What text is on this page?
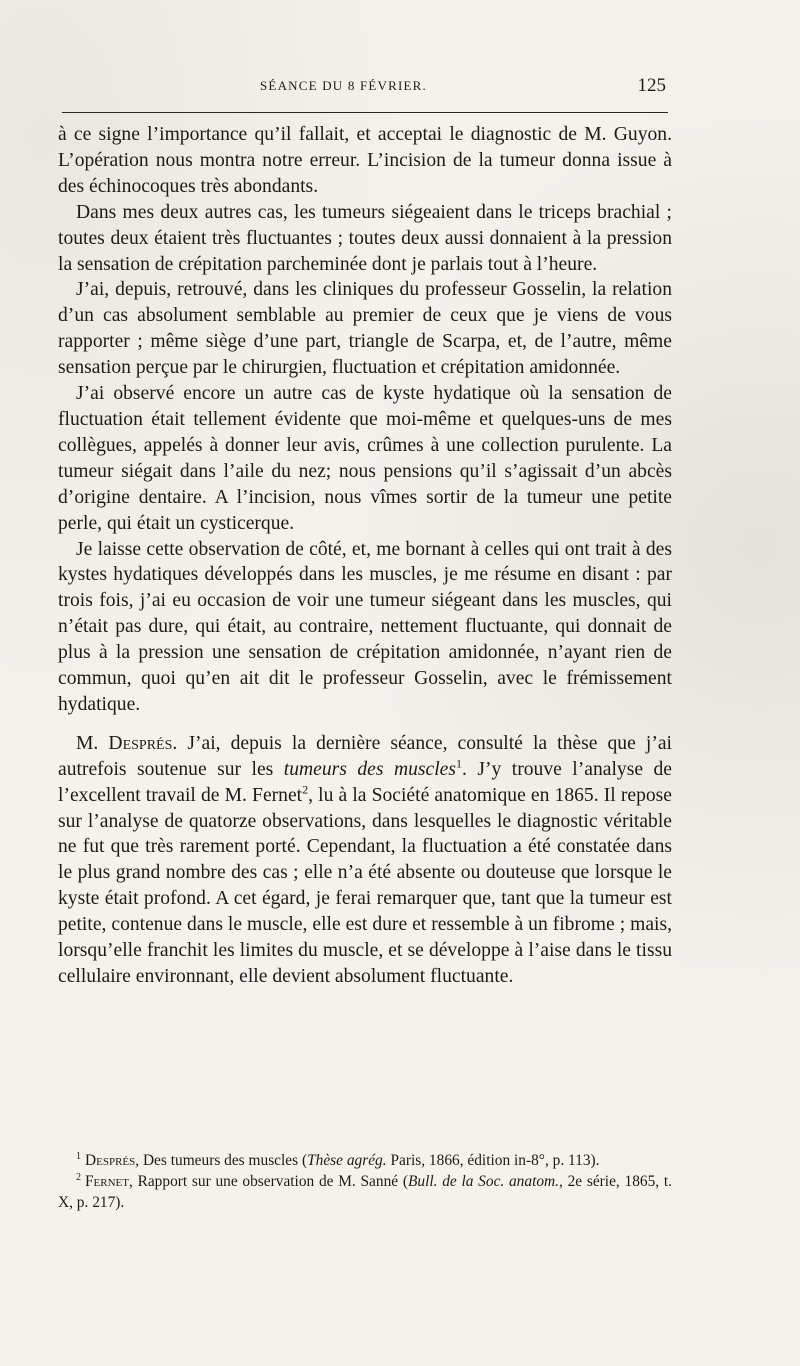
SÉANCE DU 8 FÉVRIER.	125

à ce signe l’importance qu’il fallait, et acceptai le diagnostic de M. Guyon. L’opération nous montra notre erreur. L’incision de la tumeur donna issue à des échinocoques très abondants.

Dans mes deux autres cas, les tumeurs siégeaient dans le triceps brachial ; toutes deux étaient très fluctuantes ; toutes deux aussi donnaient à la pression la sensation de crépitation parcheminée dont je parlais tout à l’heure.

J’ai, depuis, retrouvé, dans les cliniques du professeur Gosselin, la relation d’un cas absolument semblable au premier de ceux que je viens de vous rapporter ; même siège d’une part, triangle de Scarpa, et, de l’autre, même sensation perçue par le chirurgien, fluctuation et crépitation amidonnée.

J’ai observé encore un autre cas de kyste hydatique où la sensation de fluctuation était tellement évidente que moi-même et quelques-uns de mes collègues, appelés à donner leur avis, crûmes à une collection purulente. La tumeur siégait dans l’aile du nez; nous pensions qu’il s’agissait d’un abcès d’origine dentaire. A l’incision, nous vîmes sortir de la tumeur une petite perle, qui était un cysticerque.

Je laisse cette observation de côté, et, me bornant à celles qui ont trait à des kystes hydatiques développés dans les muscles, je me résume en disant : par trois fois, j’ai eu occasion de voir une tumeur siégeant dans les muscles, qui n’était pas dure, qui était, au contraire, nettement fluctuante, qui donnait de plus à la pression une sensation de crépitation amidonnée, n’ayant rien de commun, quoi qu’en ait dit le professeur Gosselin, avec le frémissement hydatique.

M. Després. J’ai, depuis la dernière séance, consulté la thèse que j’ai autrefois soutenue sur les tumeurs des muscles$^1$. J’y trouve l’analyse de l’excellent travail de M. Fernet$^2$, lu à la Société anatomique en 1865. Il repose sur l’analyse de quatorze observations, dans lesquelles le diagnostic véritable ne fut que très rarement porté. Cependant, la fluctuation a été constatée dans le plus grand nombre des cas ; elle n’a été absente ou douteuse que lorsque le kyste était profond. A cet égard, je ferai remarquer que, tant que la tumeur est petite, contenue dans le muscle, elle est dure et ressemble à un fibrome ; mais, lorsqu’elle franchit les limites du muscle, et se développe à l’aise dans le tissu cellulaire environnant, elle devient absolument fluctuante.

$^1$ Després, Des tumeurs des muscles (Thèse agrég. Paris, 1866, édition in-8°, p. 113).

$^2$ Fernet, Rapport sur une observation de M. Sanné (Bull. de la Soc. anatom., 2e série, 1865, t. X, p. 217).
